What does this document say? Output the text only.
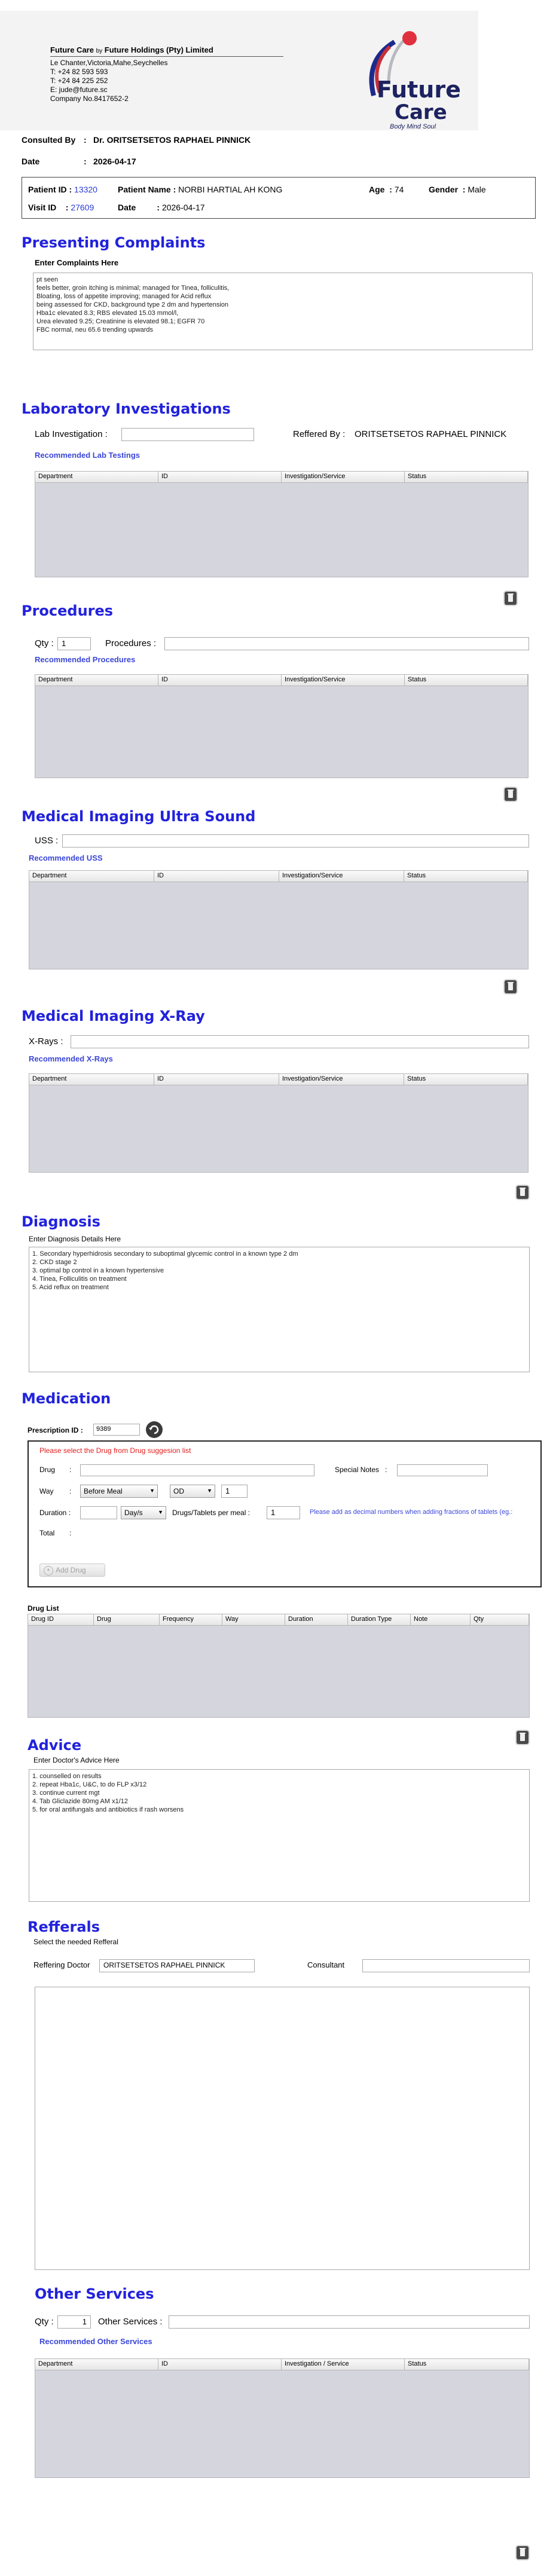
Future Care by Future Holdings (Pty) Limited
Le Chanter,Victoria,Mahe,Seychelles
T: +24 82 593 593
T: +24 84 225 252
E: jude@future.sc
Company No.8417652-2	Future
Care
Body Mind Soul
Consulted By : Dr. ORITSETSETOS RAPHAEL PINNICK
Date	: 2026-04-17
Patient ID : 13320 Patient Name : NORBI HARTIAL AH KONG	Age : 74	Gender : Male
Visit ID : 27609	Date	: 2026-04-17
Presenting Complaints
Enter Complaints Here
pt seen
feels better, groin itching is minimal; managed for Tinea, folliculitis,
Bloating, loss of appetite improving; managed for Acid reflux
being assessed for CKD, background type 2 dm and hypertension
Hba1c elevated 8.3; RBS elevated 15.03 mmol/l,
Urea elevated 9.25; Creatinine is elevated 98.1; EGFR 70
FBC normal, neu 65.6 trending upwards
Laboratory Investigations
Lab Investigation :	Reffered By : ORITSETSETOS RAPHAEL PINNICK
Recommended Lab Testings
Department	ID	Investigation/Service	Status
Procedures
Qty :	1	Procedures :
Recommended Procedures
Department	ID	Investigation/Service	Status
Medical Imaging Ultra Sound
USS :
Recommended USS
Department	ID	Investigation/Service	Status
Medical Imaging X-Ray
X-Rays :
Recommended X-Rays
Department	ID	Investigation/Service	Status
Diagnosis
Enter Diagnosis Details Here
1. Secondary hyperhidrosis secondary to suboptimal glycemic control in a known type 2 dm
2. CKD stage 2
3. optimal bp control in a known hypertensive
4. Tinea, Folliculitis on treatment
5. Acid reflux on treatment
Medication
Prescription ID :	9389
Please select the Drug from Drug suggesion list
Drug :	Special Notes :
Way :	Before Meal ▼	OD ▼	1
Duration :	Day/s ▼	Drugs/Tablets per meal :	1	Please add as decimal numbers when adding fractions of tablets (eg.:
Total :
+ Add Drug
Drug List
Drug ID	Drug	Frequency	Way	Duration	Duration Type	Note	Qty
Advice
Enter Doctor's Advice Here
1. counselled on results
2. repeat Hba1c, U&C, to do FLP x3/12
3. continue current mgt
4. Tab Gliclazide 80mg AM x1/12
5. for oral antifungals and antibiotics if rash worsens
Refferals
Select the needed Refferal
Reffering Doctor	ORITSETSETOS RAPHAEL PINNICK	Consultant
Other Services
Qty :	1	Other Services :
Recommended Other Services
Department	ID	Investigation / Service	Status
